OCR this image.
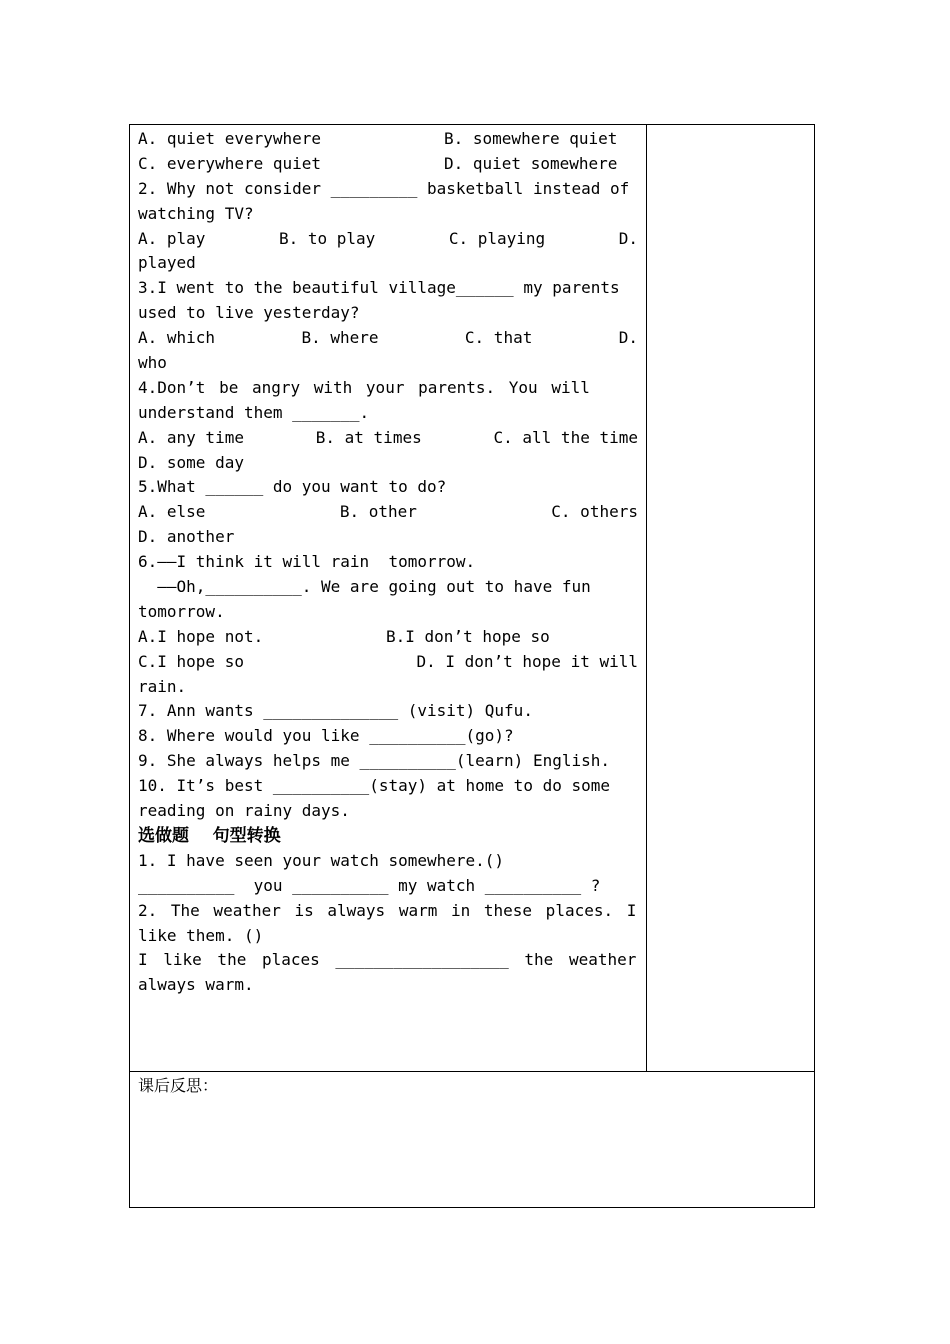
A. quiet everywhere	B. somewhere quiet
C. everywhere quiet	D. quiet somewhere
2. Why not consider _________ basketball instead of
watching TV?
A. play	B. to play	C. playing	D.
played
3.I went to the beautiful village______ my parents
used to live yesterday?
A. which	B. where	C. that	D.
who
4.Don’t be angry with your parents. You will
understand them _______.
A. any time	B. at times	C. all the time
D. some day
5.What ______ do you want to do?
A. else	B. other	C. others
D. another
6.——I think it will rain  tomorrow.
——Oh,__________. We are going out to have fun
tomorrow.
A.I hope not.	B.I don’t hope so
C.I hope so	D. I don’t hope it will
rain.
7. Ann wants ______________ (visit) Qufu.
8. Where would you like __________(go)?
9. She always helps me __________(learn) English.
10. It’s best __________(stay) at home to do some
reading on rainy days.
选做题    句型转换
1. I have seen your watch somewhere.()
__________  you __________ my watch __________ ?
2. The weather is always warm in these places. I
like them. ()
I like the places __________________ the weather
always warm.
课后反思：
